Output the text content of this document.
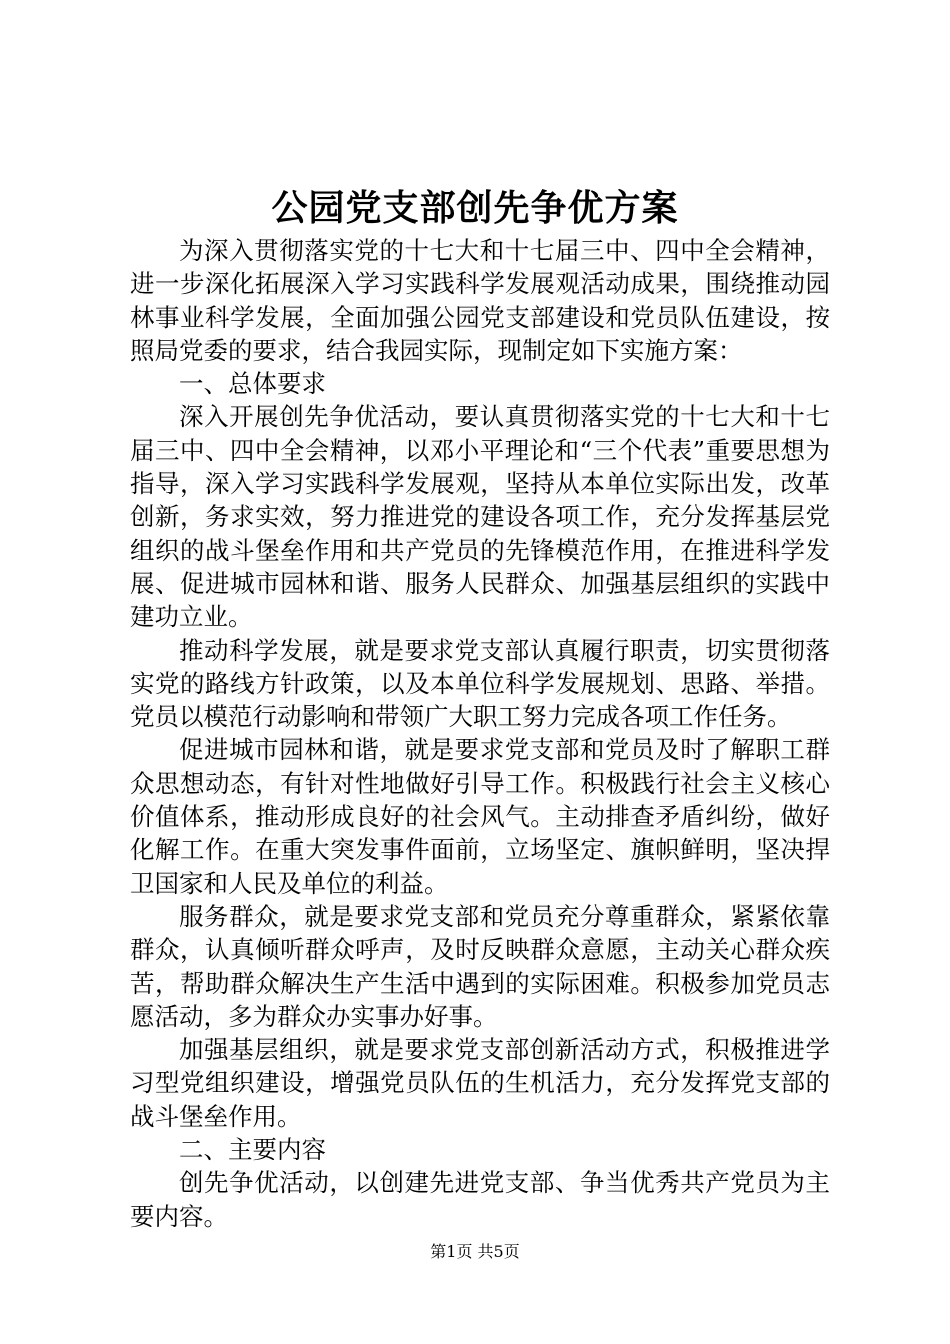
公园党支部创先争优方案

为深入贯彻落实党的十七大和十七届三中、四中全会精神，进一步深化拓展深入学习实践科学发展观活动成果，围绕推动园林事业科学发展，全面加强公园党支部建设和党员队伍建设，按照局党委的要求，结合我园实际，现制定如下实施方案：

一、总体要求

深入开展创先争优活动，要认真贯彻落实党的十七大和十七届三中、四中全会精神，以邓小平理论和“三个代表”重要思想为指导，深入学习实践科学发展观，坚持从本单位实际出发，改革创新，务求实效，努力推进党的建设各项工作，充分发挥基层党组织的战斗堡垒作用和共产党员的先锋模范作用，在推进科学发展、促进城市园林和谐、服务人民群众、加强基层组织的实践中建功立业。

推动科学发展，就是要求党支部认真履行职责，切实贯彻落实党的路线方针政策，以及本单位科学发展规划、思路、举措。党员以模范行动影响和带领广大职工努力完成各项工作任务。

促进城市园林和谐，就是要求党支部和党员及时了解职工群众思想动态，有针对性地做好引导工作。积极践行社会主义核心价值体系，推动形成良好的社会风气。主动排查矛盾纠纷，做好化解工作。在重大突发事件面前，立场坚定、旗帜鲜明，坚决捍卫国家和人民及单位的利益。

服务群众，就是要求党支部和党员充分尊重群众，紧紧依靠群众，认真倾听群众呼声，及时反映群众意愿，主动关心群众疾苦，帮助群众解决生产生活中遇到的实际困难。积极参加党员志愿活动，多为群众办实事办好事。

加强基层组织，就是要求党支部创新活动方式，积极推进学习型党组织建设，增强党员队伍的生机活力，充分发挥党支部的战斗堡垒作用。

二、主要内容

创先争优活动，以创建先进党支部、争当优秀共产党员为主要内容。

第1页 共5页
